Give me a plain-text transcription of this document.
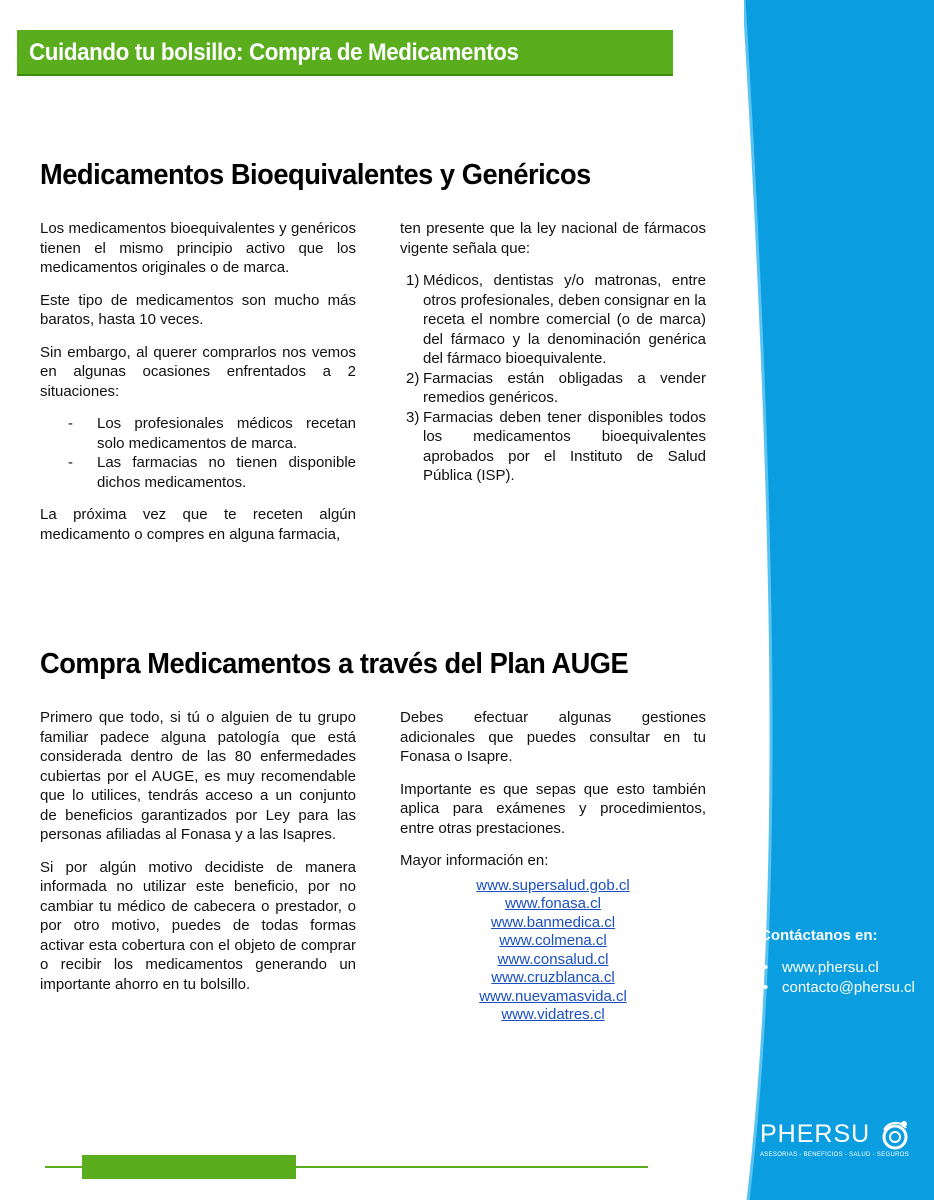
Cuidando tu bolsillo: Compra de Medicamentos
Medicamentos Bioequivalentes y Genéricos

Los medicamentos bioequivalentes y genéricos tienen el mismo principio activo que los medicamentos originales o de marca.

Este tipo de medicamentos son mucho más baratos, hasta 10 veces.

Sin embargo, al querer comprarlos nos vemos en algunas ocasiones enfrentados a 2 situaciones:

- Los profesionales médicos recetan solo medicamentos de marca.
- Las farmacias no tienen disponible dichos medicamentos.

La próxima vez que te receten algún medicamento o compres en alguna farmacia,

ten presente que la ley nacional de fármacos vigente señala que:

1) Médicos, dentistas y/o matronas, entre otros profesionales, deben consignar en la receta el nombre comercial (o de marca) del fármaco y la denominación genérica del fármaco bioequivalente.
2) Farmacias están obligadas a vender remedios genéricos.
3) Farmacias deben tener disponibles todos los medicamentos bioequivalentes aprobados por el Instituto de Salud Pública (ISP).
Compra Medicamentos a través del Plan AUGE

Primero que todo, si tú o alguien de tu grupo familiar padece alguna patología que está considerada dentro de las 80 enfermedades cubiertas por el AUGE, es muy recomendable que lo utilices, tendrás acceso a un conjunto de beneficios garantizados por Ley para las personas afiliadas al Fonasa y a las Isapres.

Si por algún motivo decidiste de manera informada no utilizar este beneficio, por no cambiar tu médico de cabecera o prestador, o por otro motivo, puedes de todas formas activar esta cobertura con el objeto de comprar o recibir los medicamentos generando un importante ahorro en tu bolsillo.

Debes efectuar algunas gestiones adicionales que puedes consultar en tu Fonasa o Isapre.

Importante es que sepas que esto también aplica para exámenes y procedimientos, entre otras prestaciones.

Mayor información en:

www.supersalud.gob.cl
www.fonasa.cl
www.banmedica.cl
www.colmena.cl
www.consalud.cl
www.cruzblanca.cl
www.nuevamasvida.cl
www.vidatres.cl
Contáctanos en:
• www.phersu.cl
• contacto@phersu.cl
PHERSU
ASESORIAS - BENEFICIOS - SALUD - SEGUROS
